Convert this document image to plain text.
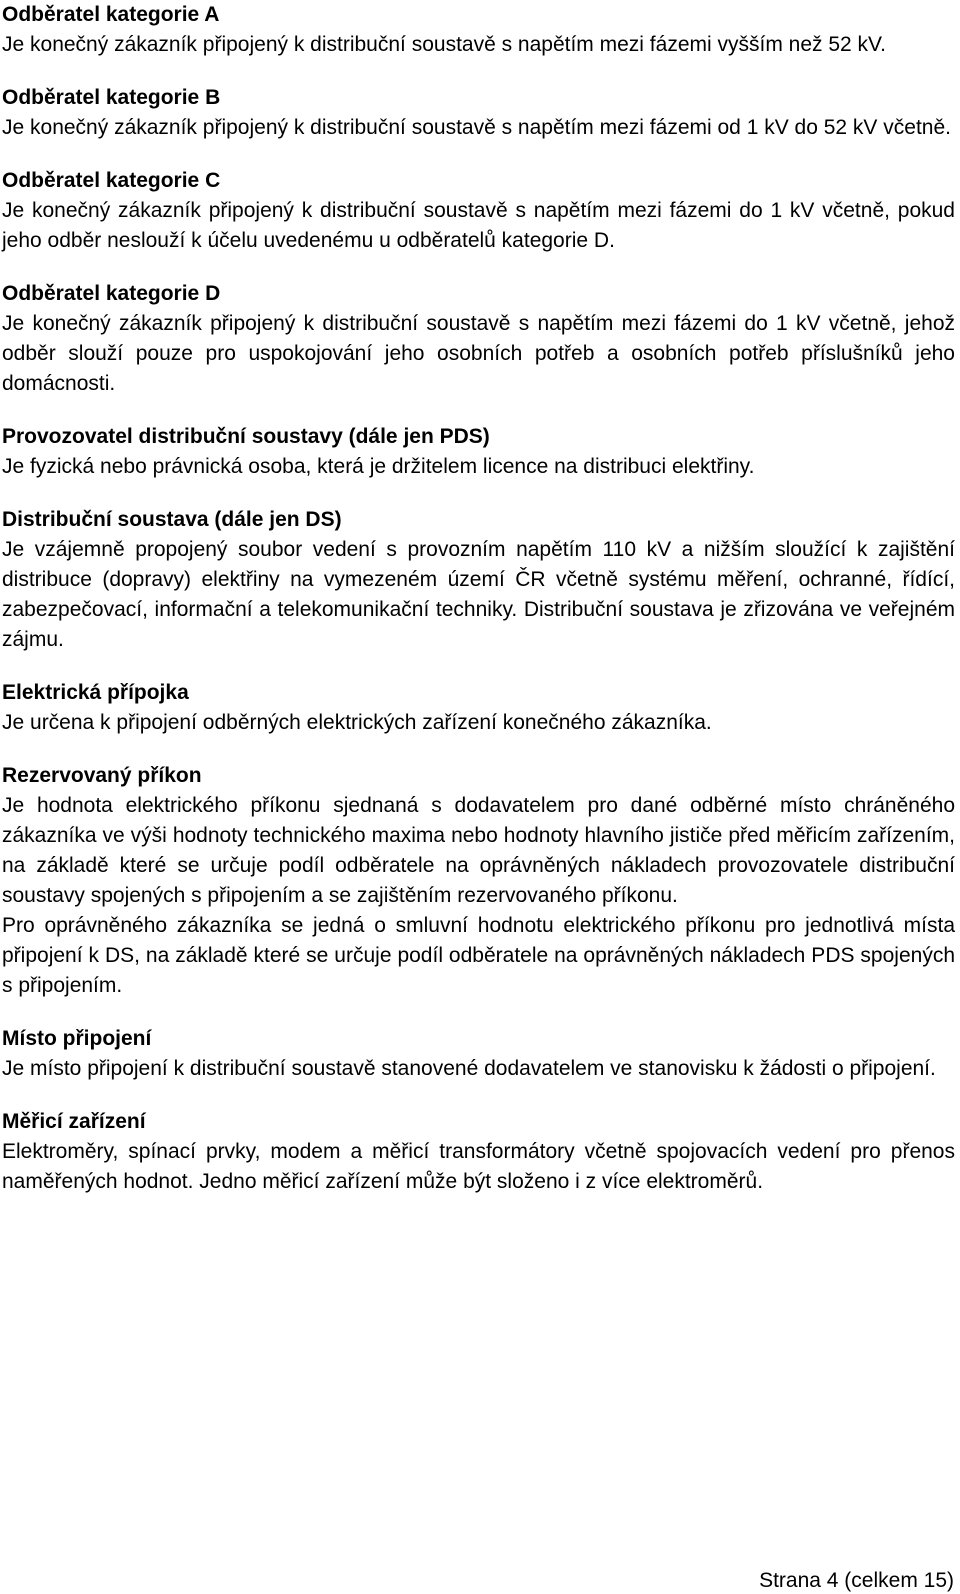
Odběratel kategorie A

Je konečný zákazník připojený k distribuční soustavě s napětím mezi fázemi vyšším než 52 kV.

Odběratel kategorie B

Je konečný zákazník připojený k distribuční soustavě s napětím mezi fázemi od 1 kV do 52 kV včetně.

Odběratel kategorie C

Je konečný zákazník připojený k distribuční soustavě s napětím mezi fázemi do 1 kV včetně, pokud jeho odběr neslouží k účelu uvedenému u odběratelů kategorie D.

Odběratel kategorie D

Je konečný zákazník připojený k distribuční soustavě s napětím mezi fázemi do 1 kV včetně, jehož odběr slouží pouze pro uspokojování jeho osobních potřeb a osobních potřeb příslušníků jeho domácnosti.

Provozovatel distribuční soustavy (dále jen PDS)

Je fyzická nebo právnická osoba, která je držitelem licence na distribuci elektřiny.

Distribuční soustava (dále jen DS)

Je vzájemně propojený soubor vedení s provozním napětím 110 kV a nižším sloužící k zajištění distribuce (dopravy) elektřiny na vymezeném území ČR včetně systému měření, ochranné, řídící, zabezpečovací, informační a telekomunikační techniky. Distribuční soustava je zřizována ve veřejném zájmu.

Elektrická přípojka

Je určena k připojení odběrných elektrických zařízení konečného zákazníka.

Rezervovaný příkon

Je hodnota elektrického příkonu sjednaná s dodavatelem pro dané odběrné místo chráněného zákazníka ve výši hodnoty technického maxima nebo hodnoty hlavního jističe před měřicím zařízením, na základě které se určuje podíl odběratele na oprávněných nákladech provozovatele distribuční soustavy spojených s připojením a se zajištěním rezervovaného příkonu.

Pro oprávněného zákazníka se jedná o smluvní hodnotu elektrického příkonu pro jednotlivá místa připojení k DS, na základě které se určuje podíl odběratele na oprávněných nákladech PDS spojených s připojením.

Místo připojení

Je místo připojení k distribuční soustavě stanovené dodavatelem ve stanovisku k žádosti o připojení.

Měřicí zařízení

Elektroměry, spínací prvky, modem a měřicí transformátory včetně spojovacích vedení pro přenos naměřených hodnot. Jedno měřicí zařízení může být složeno i z více elektroměrů.

Strana 4 (celkem 15)
